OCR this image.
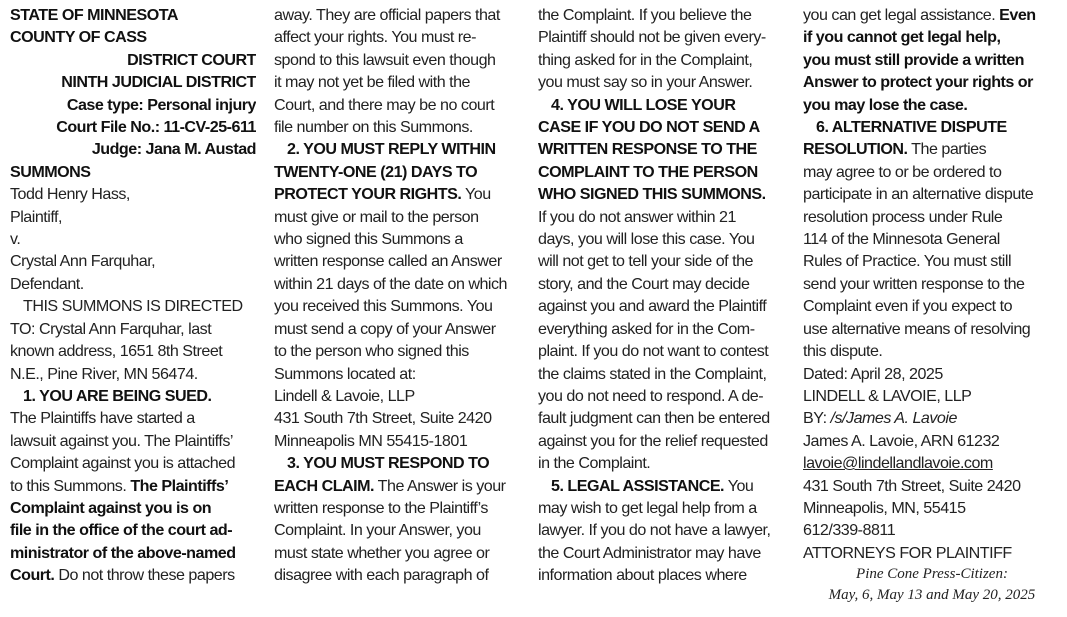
STATE OF MINNESOTA
COUNTY OF CASS
DISTRICT COURT
NINTH JUDICIAL DISTRICT
Case type: Personal injury
Court File No.: 11-CV-25-611
Judge: Jana M. Austad
SUMMONS
Todd Henry Hass,
Plaintiff,
v.
Crystal Ann Farquhar,
Defendant.
THIS SUMMONS IS DIRECTED
TO: Crystal Ann Farquhar, last
known address, 1651 8th Street
N.E., Pine River, MN 56474.
1. YOU ARE BEING SUED.
The Plaintiffs have started a
lawsuit against you. The Plaintiffs’
Complaint against you is attached
to this Summons. The Plaintiffs’
Complaint against you is on
file in the office of the court ad-
ministrator of the above-named
Court. Do not throw these papers
away. They are official papers that
affect your rights. You must re-
spond to this lawsuit even though
it may not yet be filed with the
Court, and there may be no court
file number on this Summons.
2. YOU MUST REPLY WITHIN
TWENTY-ONE (21) DAYS TO
PROTECT YOUR RIGHTS. You
must give or mail to the person
who signed this Summons a
written response called an Answer
within 21 days of the date on which
you received this Summons. You
must send a copy of your Answer
to the person who signed this
Summons located at:
Lindell & Lavoie, LLP
431 South 7th Street, Suite 2420
Minneapolis MN 55415-1801
3. YOU MUST RESPOND TO
EACH CLAIM. The Answer is your
written response to the Plaintiff’s
Complaint. In your Answer, you
must state whether you agree or
disagree with each paragraph of
the Complaint. If you believe the
Plaintiff should not be given every-
thing asked for in the Complaint,
you must say so in your Answer.
4. YOU WILL LOSE YOUR
CASE IF YOU DO NOT SEND A
WRITTEN RESPONSE TO THE
COMPLAINT TO THE PERSON
WHO SIGNED THIS SUMMONS.
If you do not answer within 21
days, you will lose this case. You
will not get to tell your side of the
story, and the Court may decide
against you and award the Plaintiff
everything asked for in the Com-
plaint. If you do not want to contest
the claims stated in the Complaint,
you do not need to respond. A de-
fault judgment can then be entered
against you for the relief requested
in the Complaint.
5. LEGAL ASSISTANCE. You
may wish to get legal help from a
lawyer. If you do not have a lawyer,
the Court Administrator may have
information about places where
you can get legal assistance. Even
if you cannot get legal help,
you must still provide a written
Answer to protect your rights or
you may lose the case.
6. ALTERNATIVE DISPUTE
RESOLUTION. The parties
may agree to or be ordered to
participate in an alternative dispute
resolution process under Rule
114 of the Minnesota General
Rules of Practice. You must still
send your written response to the
Complaint even if you expect to
use alternative means of resolving
this dispute.
Dated: April 28, 2025
LINDELL & LAVOIE, LLP
BY: /s/James A. Lavoie
James A. Lavoie, ARN 61232
lavoie@lindellandlavoie.com
431 South 7th Street, Suite 2420
Minneapolis, MN, 55415
612/339-8811
ATTORNEYS FOR PLAINTIFF
Pine Cone Press-Citizen:
May, 6, May 13 and May 20, 2025
